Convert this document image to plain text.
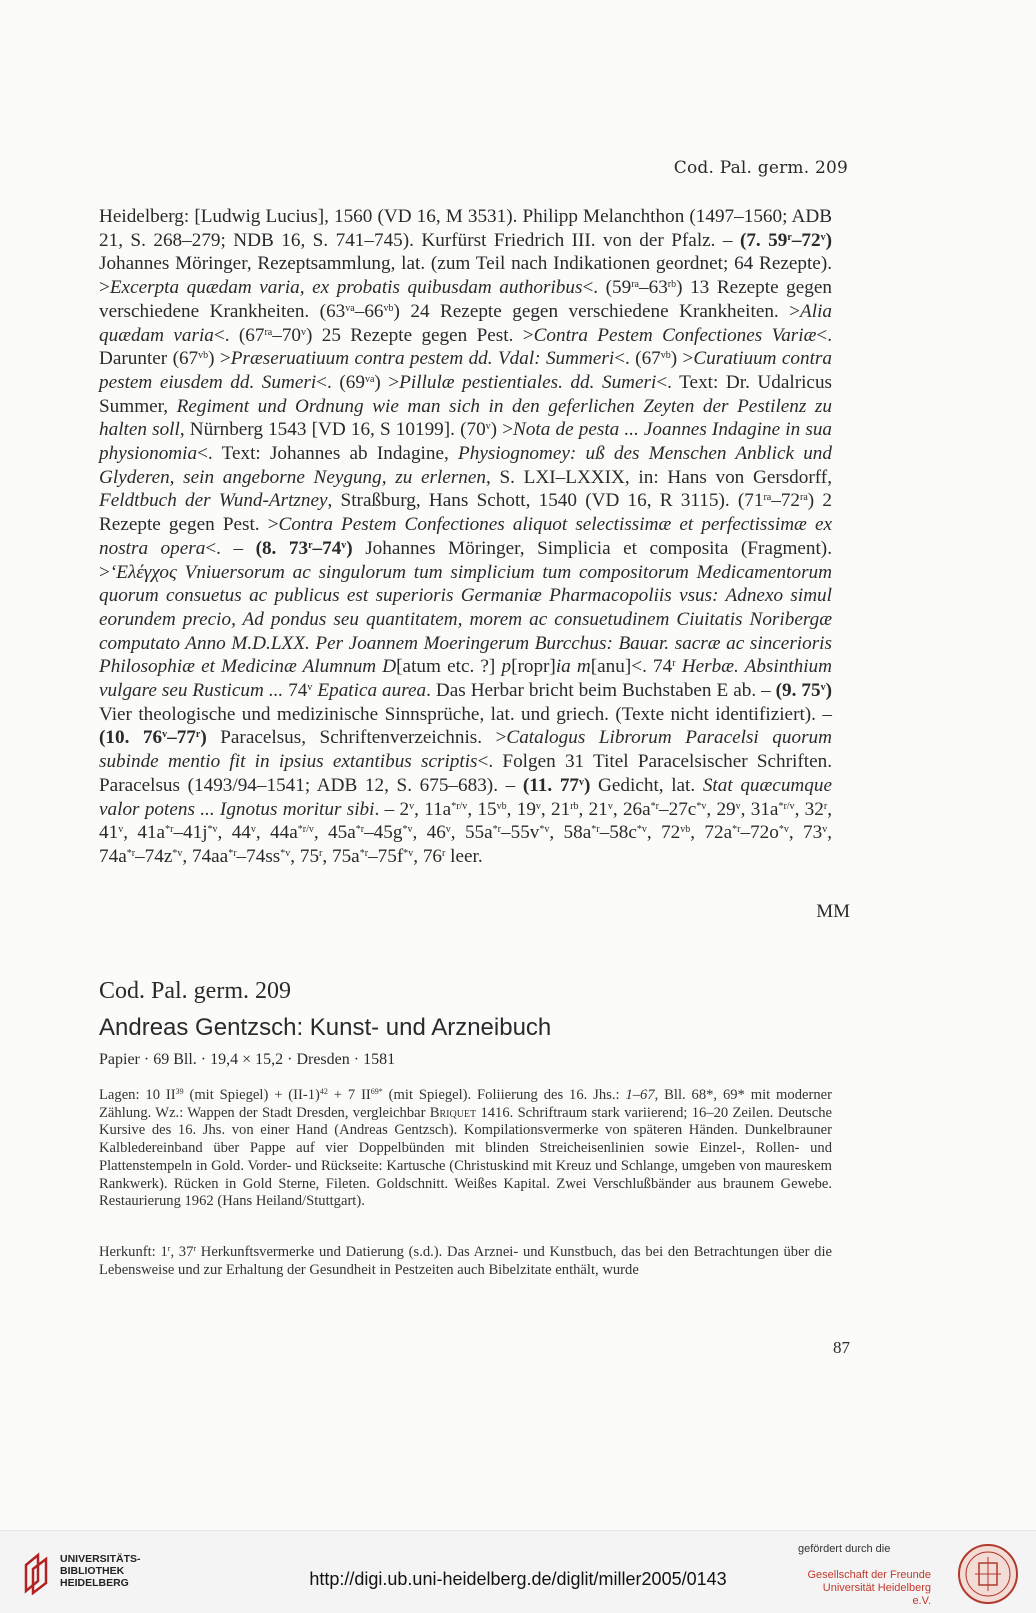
Cod. Pal. germ. 209
Heidelberg: [Ludwig Lucius], 1560 (VD 16, M 3531). Philipp Melanchthon (1497–1560; ADB 21, S. 268–279; NDB 16, S. 741–745). Kurfürst Friedrich III. von der Pfalz. – (7. 59$^r$–72$^v$) Johannes Möringer, Rezeptsammlung, lat. (zum Teil nach Indikationen geordnet; 64 Rezepte). >Excerpta quædam varia, ex probatis quibusdam authoribus<. $(59^{ra}-63^{rb})$ 13 Rezepte gegen verschiedene Krankheiten. $(63^{va}-66^{vb})$ 24 Rezepte gegen verschiedene Krankheiten. >Alia quædam varia<. $(67^{ra}-70^v)$ 25 Rezepte gegen Pest. >Contra Pestem Confectiones Variæ<. Darunter $(67^{vb})$ >Præseruatiuum contra pestem dd. Vdal: Summeri<. $(67^{vb})$ >Curatiuum contra pestem eiusdem dd. Sumeri<. $(69^{va})$ >Pillulæ pestientiales. dd. Sumeri<. Text: Dr. Udalricus Summer, Regiment und Ordnung wie man sich in den geferlichen Zeyten der Pestilenz zu halten soll, Nürnberg 1543 [VD 16, S 10199]. $(70^v)$ >Nota de pesta ... Joannes Indagine in sua physionomia<. Text: Johannes ab Indagine, Physiognomey: uß des Menschen Anblick und Glyderen, sein angeborne Neygung, zu erlernen, S. LXI–LXXIX, in: Hans von Gersdorff, Feldtbuch der Wund-Artzney, Straßburg, Hans Schott, 1540 (VD 16, R 3115). $(71^{ra}-72^{ra})$ 2 Rezepte gegen Pest. >Contra Pestem Confectiones aliquot selectissimæ et perfectissimæ ex nostra opera<. – (8. 73$^r$–74$^v$) Johannes Möringer, Simplicia et composita (Fragment). >‘Ελέγχος Vniuersorum ac singulorum tum simplicium tum compositorum Medicamentorum quorum consuetus ac publicus est superioris Germaniæ Pharmacopoliis vsus: Adnexo simul eorundem precio, Ad pondus seu quantitatem, morem ac consuetudinem Ciuitatis Noribergæ computato Anno M.D.LXX. Per Joannem Moeringerum Burcchus: Bauar. sacræ ac sincerioris Philosophiæ et Medicinæ Alumnum D[atum etc. ?] p[ropr]ia m[anu]<. 74$^r$ Herbæ. Absinthium vulgare seu Rusticum ... 74$^v$ Epatica aurea. Das Herbar bricht beim Buchstaben E ab. – (9. 75$^v$) Vier theologische und medizinische Sinnsprüche, lat. und griech. (Texte nicht identifiziert). – (10. 76$^v$–77$^r$) Paracelsus, Schriftenverzeichnis. >Catalogus Librorum Paracelsi quorum subinde mentio fit in ipsius extantibus scriptis<. Folgen 31 Titel Paracelsischer Schriften. Paracelsus (1493/94–1541; ADB 12, S. 675–683). – (11. 77$^v$) Gedicht, lat. Stat quæcumque valor potens ... Ignotus moritur sibi. – 2$^v$, $11a^{*r/v}$, $15^{vb}$, 19$^v$, $21^{rb}$, 21$^v$, $26a^{*r}-27c^{*v}$, 29$^v$, $31a^{*r/v}$, 32$^r$, 41$^v$, $41a^{*r}-41j^{*v}$, 44$^v$, $44a^{*r/v}$, $45a^{*r}-45g^{*v}$, 46$^v$, $55a^{*r}-55v^{*v}$, $58a^{*r}-58c^{*v}$, $72^{vb}$, $72a^{*r}-72o^{*v}$, 73$^v$, $74a^{*r}-74z^{*v}$, $74aa^{*r}-74ss^{*v}$, 75$^r$, $75a^{*r}-75f^{*v}$, 76$^r$ leer.
MM
Cod. Pal. germ. 209
Andreas Gentzsch: Kunst- und Arzneibuch
Papier · 69 Bll. · 19,4 × 15,2 · Dresden · 1581
Lagen: 10 II$^{39}$ (mit Spiegel) + $(II-1)^{42} + 7$ $II^{69*}$ (mit Spiegel). Foliierung des 16. Jhs.: 1–67, Bll. 68*, 69* mit moderner Zählung. Wz.: Wappen der Stadt Dresden, vergleichbar Briquet 1416. Schriftraum stark variierend; 16–20 Zeilen. Deutsche Kursive des 16. Jhs. von einer Hand (Andreas Gentzsch). Kompilationsvermerke von späteren Händen. Dunkelbrauner Kalbledereinband über Pappe auf vier Doppelbünden mit blinden Streicheisenlinien sowie Einzel-, Rollen- und Plattenstempeln in Gold. Vorder- und Rückseite: Kartusche (Christuskind mit Kreuz und Schlange, umgeben von maureskem Rankwerk). Rücken in Gold Sterne, Fileten. Goldschnitt. Weißes Kapital. Zwei Verschlußbänder aus braunem Gewebe. Restaurierung 1962 (Hans Heiland/Stuttgart).
Herkunft: 1$^r$, 37$^r$ Herkunftsvermerke und Datierung (s.d.). Das Arznei- und Kunstbuch, das bei den Betrachtungen über die Lebensweise und zur Erhaltung der Gesundheit in Pestzeiten auch Bibelzitate enthält, wurde
87
UNIVERSITÄTS-
BIBLIOTHEK
HEIDELBERG	http://digi.ub.uni-heidelberg.de/diglit/miller2005/0143
gefördert durch die
Gesellschaft der Freunde
Universität Heidelberg e.V.
